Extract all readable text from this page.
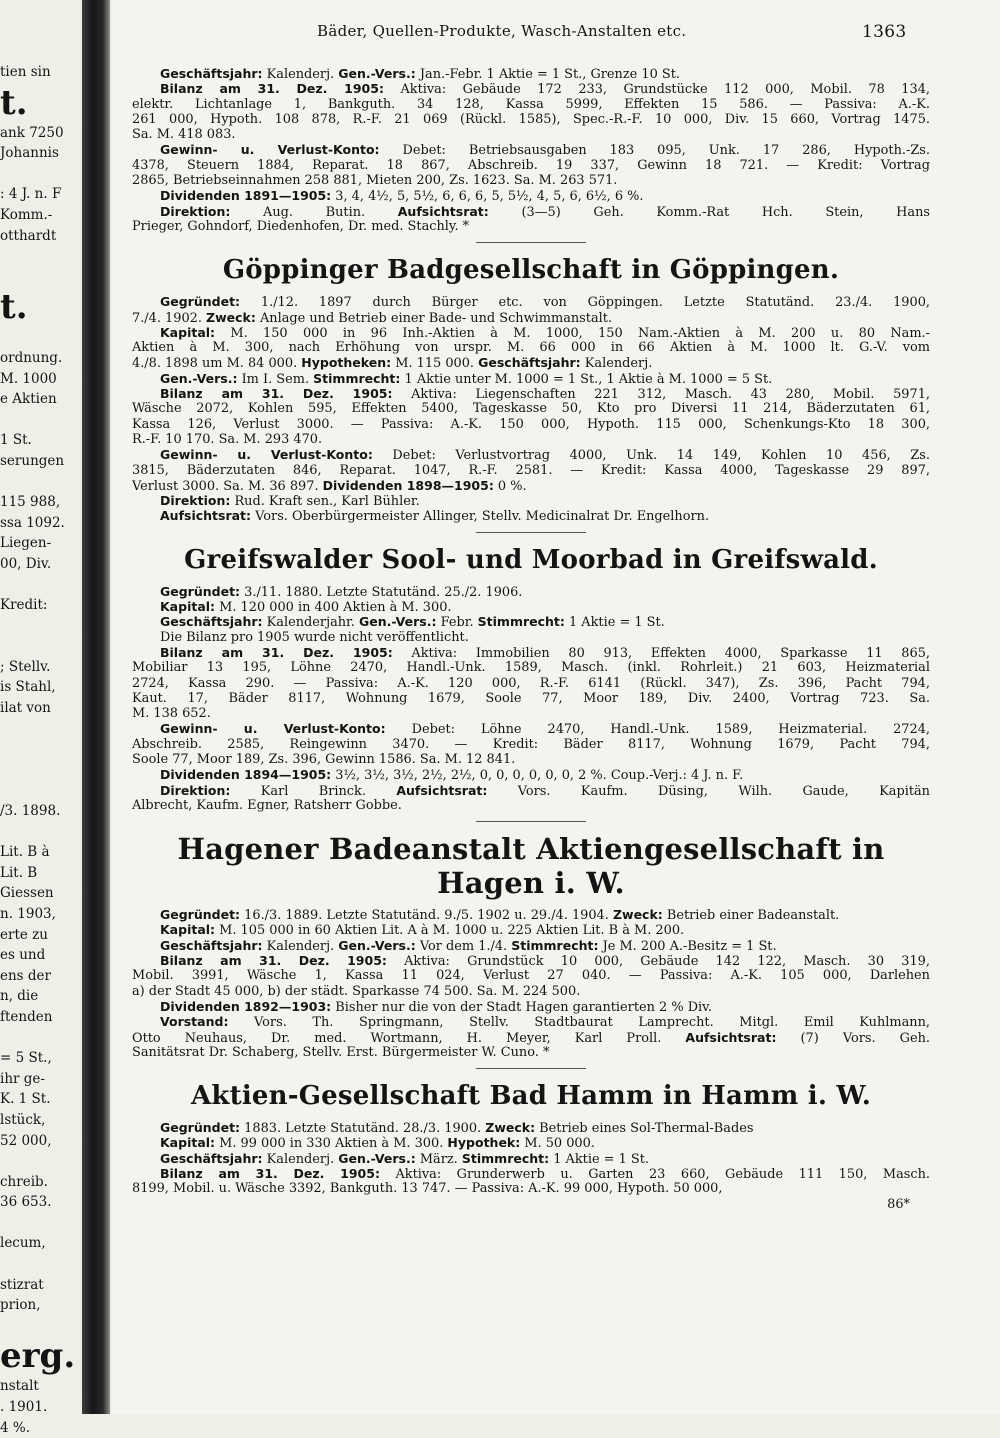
tien sin
t.
ank 7250
Johannis
: 4 J. n. F
Komm.-
otthardt
t.
ordnung.
M. 1000
e Aktien
1 St.
serungen
115 988,
ssa 1092.
Liegen-
00, Div.
Kredit:
; Stellv.
is Stahl,
ilat von
/3. 1898.
Lit. B à
Lit. B
Giessen
n. 1903,
erte zu
es und
ens der
n, die
ftenden
= 5 St.,
ihr ge-
K. 1 St.
lstück,
52 000,
chreib.
36 653.
lecum,
stizrat
prion,
erg.
nstalt
. 1901.
4 %.
Bäder, Quellen-Produkte, Wasch-Anstalten etc.	1363
Geschäftsjahr: Kalenderj. Gen.-Vers.: Jan.-Febr. 1 Aktie = 1 St., Grenze 10 St.
Bilanz am 31. Dez. 1905: Aktiva: Gebäude 172 233, Grundstücke 112 000, Mobil. 78 134,
elektr. Lichtanlage 1, Bankguth. 34 128, Kassa 5999, Effekten 15 586. — Passiva: A.-K.
261 000, Hypoth. 108 878, R.-F. 21 069 (Rückl. 1585), Spec.-R.-F. 10 000, Div. 15 660, Vortrag 1475.
Sa. M. 418 083.
Gewinn- u. Verlust-Konto: Debet: Betriebsausgaben 183 095, Unk. 17 286, Hypoth.-Zs.
4378, Steuern 1884, Reparat. 18 867, Abschreib. 19 337, Gewinn 18 721. — Kredit: Vortrag
2865, Betriebseinnahmen 258 881, Mieten 200, Zs. 1623. Sa. M. 263 571.
Dividenden 1891—1905: 3, 4, 4½, 5, 5½, 6, 6, 6, 5, 5½, 4, 5, 6, 6½, 6 %.
Direktion: Aug. Butin. Aufsichtsrat: (3—5) Geh. Komm.-Rat Hch. Stein, Hans
Prieger, Gohndorf, Diedenhofen, Dr. med. Stachly. *
Göppinger Badgesellschaft in Göppingen.
Gegründet: 1./12. 1897 durch Bürger etc. von Göppingen. Letzte Statutänd. 23./4. 1900,
7./4. 1902. Zweck: Anlage und Betrieb einer Bade- und Schwimmanstalt.
Kapital: M. 150 000 in 96 Inh.-Aktien à M. 1000, 150 Nam.-Aktien à M. 200 u. 80 Nam.-
Aktien à M. 300, nach Erhöhung von urspr. M. 66 000 in 66 Aktien à M. 1000 lt. G.-V. vom
4./8. 1898 um M. 84 000. Hypotheken: M. 115 000. Geschäftsjahr: Kalenderj.
Gen.-Vers.: Im I. Sem. Stimmrecht: 1 Aktie unter M. 1000 = 1 St., 1 Aktie à M. 1000 = 5 St.
Bilanz am 31. Dez. 1905: Aktiva: Liegenschaften 221 312, Masch. 43 280, Mobil. 5971,
Wäsche 2072, Kohlen 595, Effekten 5400, Tageskasse 50, Kto pro Diversi 11 214, Bäderzutaten 61,
Kassa 126, Verlust 3000. — Passiva: A.-K. 150 000, Hypoth. 115 000, Schenkungs-Kto 18 300,
R.-F. 10 170. Sa. M. 293 470.
Gewinn- u. Verlust-Konto: Debet: Verlustvortrag 4000, Unk. 14 149, Kohlen 10 456, Zs.
3815, Bäderzutaten 846, Reparat. 1047, R.-F. 2581. — Kredit: Kassa 4000, Tageskasse 29 897,
Verlust 3000. Sa. M. 36 897. Dividenden 1898—1905: 0 %.
Direktion: Rud. Kraft sen., Karl Bühler.
Aufsichtsrat: Vors. Oberbürgermeister Allinger, Stellv. Medicinalrat Dr. Engelhorn.
Greifswalder Sool- und Moorbad in Greifswald.
Gegründet: 3./11. 1880. Letzte Statutänd. 25./2. 1906.
Kapital: M. 120 000 in 400 Aktien à M. 300.
Geschäftsjahr: Kalenderjahr. Gen.-Vers.: Febr. Stimmrecht: 1 Aktie = 1 St.
Die Bilanz pro 1905 wurde nicht veröffentlicht.
Bilanz am 31. Dez. 1905: Aktiva: Immobilien 80 913, Effekten 4000, Sparkasse 11 865,
Mobiliar 13 195, Löhne 2470, Handl.-Unk. 1589, Masch. (inkl. Rohrleit.) 21 603, Heizmaterial
2724, Kassa 290. — Passiva: A.-K. 120 000, R.-F. 6141 (Rückl. 347), Zs. 396, Pacht 794,
Kaut. 17, Bäder 8117, Wohnung 1679, Soole 77, Moor 189, Div. 2400, Vortrag 723. Sa.
M. 138 652.
Gewinn- u. Verlust-Konto: Debet: Löhne 2470, Handl.-Unk. 1589, Heizmaterial. 2724,
Abschreib. 2585, Reingewinn 3470. — Kredit: Bäder 8117, Wohnung 1679, Pacht 794,
Soole 77, Moor 189, Zs. 396, Gewinn 1586. Sa. M. 12 841.
Dividenden 1894—1905: 3½, 3½, 3½, 2½, 2½, 0, 0, 0, 0, 0, 0, 2 %. Coup.-Verj.: 4 J. n. F.
Direktion: Karl Brinck. Aufsichtsrat: Vors. Kaufm. Düsing, Wilh. Gaude, Kapitän
Albrecht, Kaufm. Egner, Ratsherr Gobbe.
Hagener Badeanstalt Aktiengesellschaft in Hagen i. W.
Gegründet: 16./3. 1889. Letzte Statutänd. 9./5. 1902 u. 29./4. 1904. Zweck: Betrieb einer Badeanstalt.
Kapital: M. 105 000 in 60 Aktien Lit. A à M. 1000 u. 225 Aktien Lit. B à M. 200.
Geschäftsjahr: Kalenderj. Gen.-Vers.: Vor dem 1./4. Stimmrecht: Je M. 200 A.-Besitz = 1 St.
Bilanz am 31. Dez. 1905: Aktiva: Grundstück 10 000, Gebäude 142 122, Masch. 30 319,
Mobil. 3991, Wäsche 1, Kassa 11 024, Verlust 27 040. — Passiva: A.-K. 105 000, Darlehen
a) der Stadt 45 000, b) der städt. Sparkasse 74 500. Sa. M. 224 500.
Dividenden 1892—1903: Bisher nur die von der Stadt Hagen garantierten 2 % Div.
Vorstand: Vors. Th. Springmann, Stellv. Stadtbaurat Lamprecht. Mitgl. Emil Kuhlmann,
Otto Neuhaus, Dr. med. Wortmann, H. Meyer, Karl Proll. Aufsichtsrat: (7) Vors. Geh.
Sanitätsrat Dr. Schaberg, Stellv. Erst. Bürgermeister W. Cuno. *
Aktien-Gesellschaft Bad Hamm in Hamm i. W.
Gegründet: 1883. Letzte Statutänd. 28./3. 1900. Zweck: Betrieb eines Sol-Thermal-Bades
Kapital: M. 99 000 in 330 Aktien à M. 300. Hypothek: M. 50 000.
Geschäftsjahr: Kalenderj. Gen.-Vers.: März. Stimmrecht: 1 Aktie = 1 St.
Bilanz am 31. Dez. 1905: Aktiva: Grunderwerb u. Garten 23 660, Gebäude 111 150, Masch.
8199, Mobil. u. Wäsche 3392, Bankguth. 13 747. — Passiva: A.-K. 99 000, Hypoth. 50 000,
86*
